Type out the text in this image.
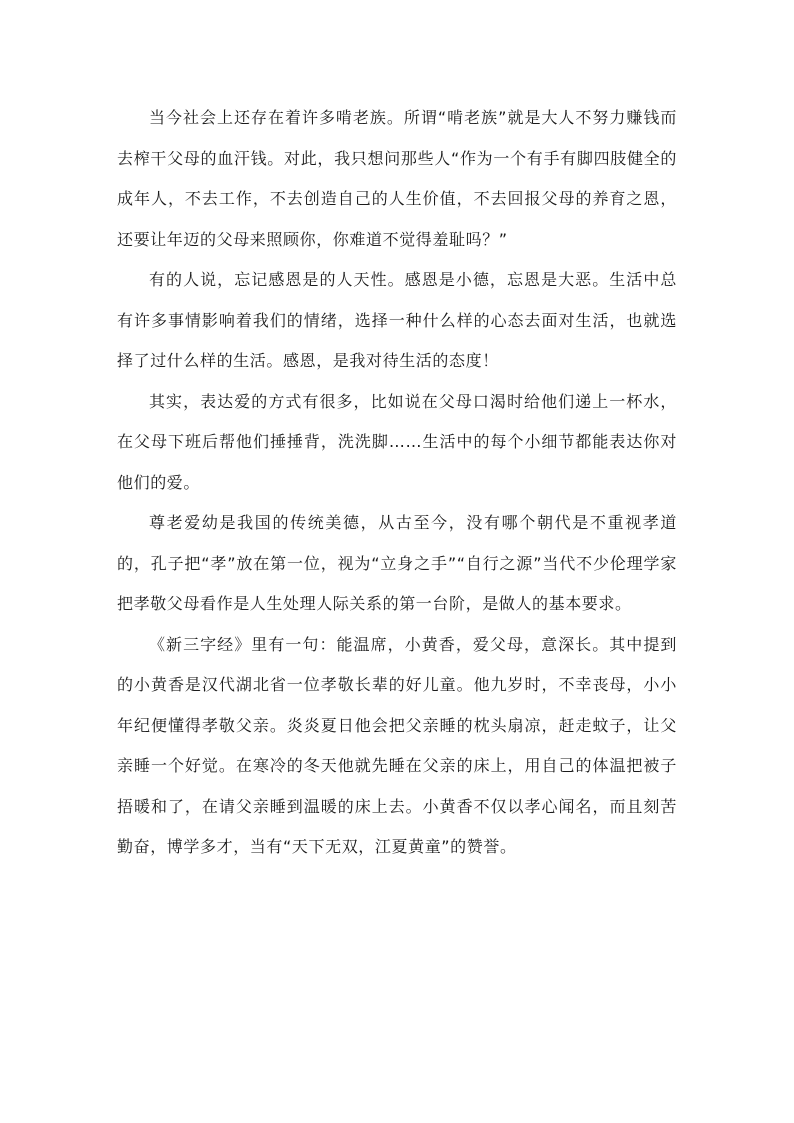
当今社会上还存在着许多啃老族。所谓“啃老族”就是大人不努力赚钱而去榨干父母的血汗钱。对此，我只想问那些人“作为一个有手有脚四肢健全的成年人，不去工作，不去创造自己的人生价值，不去回报父母的养育之恩，还要让年迈的父母来照顾你，你难道不觉得羞耻吗？”

有的人说，忘记感恩是的人天性。感恩是小德，忘恩是大恶。生活中总有许多事情影响着我们的情绪，选择一种什么样的心态去面对生活，也就选择了过什么样的生活。感恩，是我对待生活的态度！

其实，表达爱的方式有很多，比如说在父母口渴时给他们递上一杯水，在父母下班后帮他们捶捶背，洗洗脚……生活中的每个小细节都能表达你对他们的爱。

尊老爱幼是我国的传统美德，从古至今，没有哪个朝代是不重视孝道的，孔子把“孝”放在第一位，视为“立身之手”“自行之源”当代不少伦理学家把孝敬父母看作是人生处理人际关系的第一台阶，是做人的基本要求。

《新三字经》里有一句：能温席，小黄香，爱父母，意深长。其中提到的小黄香是汉代湖北省一位孝敬长辈的好儿童。他九岁时，不幸丧母，小小年纪便懂得孝敬父亲。炎炎夏日他会把父亲睡的枕头扇凉，赶走蚊子，让父亲睡一个好觉。在寒冷的冬天他就先睡在父亲的床上，用自己的体温把被子捂暖和了，在请父亲睡到温暖的床上去。小黄香不仅以孝心闻名，而且刻苦勤奋，博学多才，当有“天下无双，江夏黄童”的赞誉。
